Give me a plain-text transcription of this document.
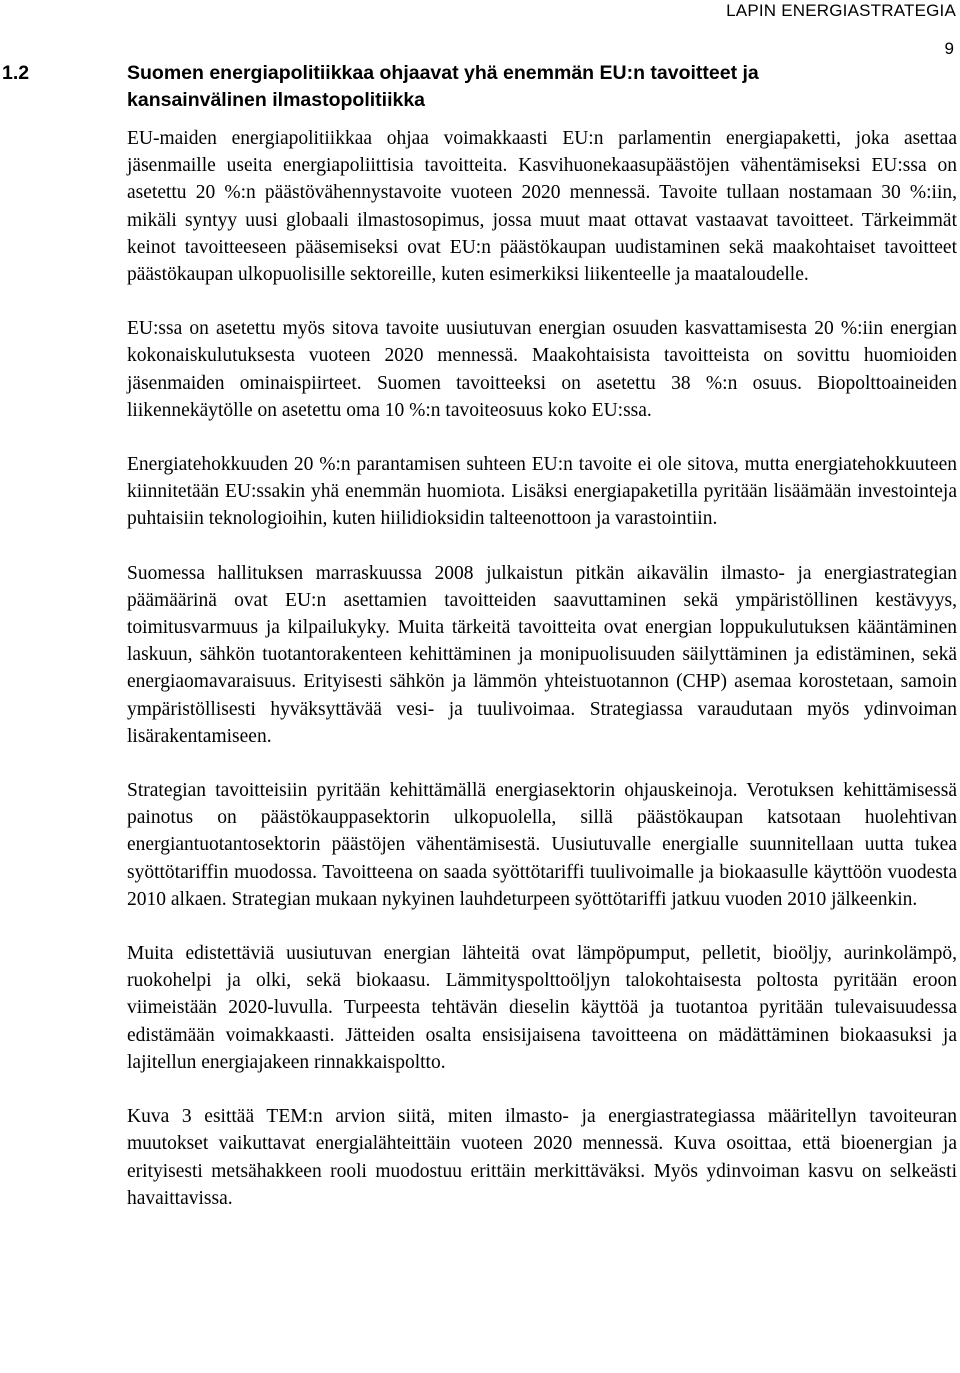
LAPIN ENERGIASTRATEGIA
9
1.2	Suomen energiapolitiikkaa ohjaavat yhä enemmän EU:n tavoitteet ja kansainvälinen ilmastopolitiikka

EU-maiden energiapolitiikkaa ohjaa voimakkaasti EU:n parlamentin energiapaketti, joka asettaa jäsenmaille useita energiapoliittisia tavoitteita. Kasvihuonekaasupäästöjen vähentämiseksi EU:ssa on asetettu 20 %:n päästövähennystavoite vuoteen 2020 mennessä. Tavoite tullaan nostamaan 30 %:iin, mikäli syntyy uusi globaali ilmastosopimus, jossa muut maat ottavat vastaavat tavoitteet. Tärkeimmät keinot tavoitteeseen pääsemiseksi ovat EU:n päästökaupan uudistaminen sekä maakohtaiset tavoitteet päästökaupan ulkopuolisille sektoreille, kuten esimerkiksi liikenteelle ja maataloudelle.

EU:ssa on asetettu myös sitova tavoite uusiutuvan energian osuuden kasvattamisesta 20 %:iin energian kokonaiskulutuksesta vuoteen 2020 mennessä. Maakohtaisista tavoitteista on sovittu huomioiden jäsenmaiden ominaispiirteet. Suomen tavoitteeksi on asetettu 38 %:n osuus. Biopolttoaineiden liikennekäytölle on asetettu oma 10 %:n tavoiteosuus koko EU:ssa.

Energiatehokkuuden 20 %:n parantamisen suhteen EU:n tavoite ei ole sitova, mutta energiatehokkuuteen kiinnitetään EU:ssakin yhä enemmän huomiota. Lisäksi energiapaketilla pyritään lisäämään investointeja puhtaisiin teknologioihin, kuten hiilidioksidin talteenottoon ja varastointiin.

Suomessa hallituksen marraskuussa 2008 julkaistun pitkän aikavälin ilmasto- ja energiastrategian päämäärinä ovat EU:n asettamien tavoitteiden saavuttaminen sekä ympäristöllinen kestävyys, toimitusvarmuus ja kilpailukyky. Muita tärkeitä tavoitteita ovat energian loppukulutuksen kääntäminen laskuun, sähkön tuotantorakenteen kehittäminen ja monipuolisuuden säilyttäminen ja edistäminen, sekä energiaomavaraisuus. Erityisesti sähkön ja lämmön yhteistuotannon (CHP) asemaa korostetaan, samoin ympäristöllisesti hyväksyttävää vesi- ja tuulivoimaa. Strategiassa varaudutaan myös ydinvoiman lisärakentamiseen.

Strategian tavoitteisiin pyritään kehittämällä energiasektorin ohjauskeinoja. Verotuksen kehittämisessä painotus on päästökauppasektorin ulkopuolella, sillä päästökaupan katsotaan huolehtivan energiantuotantosektorin päästöjen vähentämisestä. Uusiutuvalle energialle suunnitellaan uutta tukea syöttötariffin muodossa. Tavoitteena on saada syöttötariffi tuulivoimalle ja biokaasulle käyttöön vuodesta 2010 alkaen. Strategian mukaan nykyinen lauhdeturpeen syöttötariffi jatkuu vuoden 2010 jälkeenkin.

Muita edistettäviä uusiutuvan energian lähteitä ovat lämpöpumput, pelletit, bioöljy, aurinkolämpö, ruokohelpi ja olki, sekä biokaasu. Lämmityspolttoöljyn talokohtaisesta poltosta pyritään eroon viimeistään 2020-luvulla. Turpeesta tehtävän dieselin käyttöä ja tuotantoa pyritään tulevaisuudessa edistämään voimakkaasti. Jätteiden osalta ensisijaisena tavoitteena on mädättäminen biokaasuksi ja lajitellun energiajakeen rinnakkaispoltto.

Kuva 3 esittää TEM:n arvion siitä, miten ilmasto- ja energiastrategiassa määritellyn tavoiteuran muutokset vaikuttavat energialähteittäin vuoteen 2020 mennessä. Kuva osoittaa, että bioenergian ja erityisesti metsähakkeen rooli muodostuu erittäin merkittäväksi. Myös ydinvoiman kasvu on selkeästi havaittavissa.
